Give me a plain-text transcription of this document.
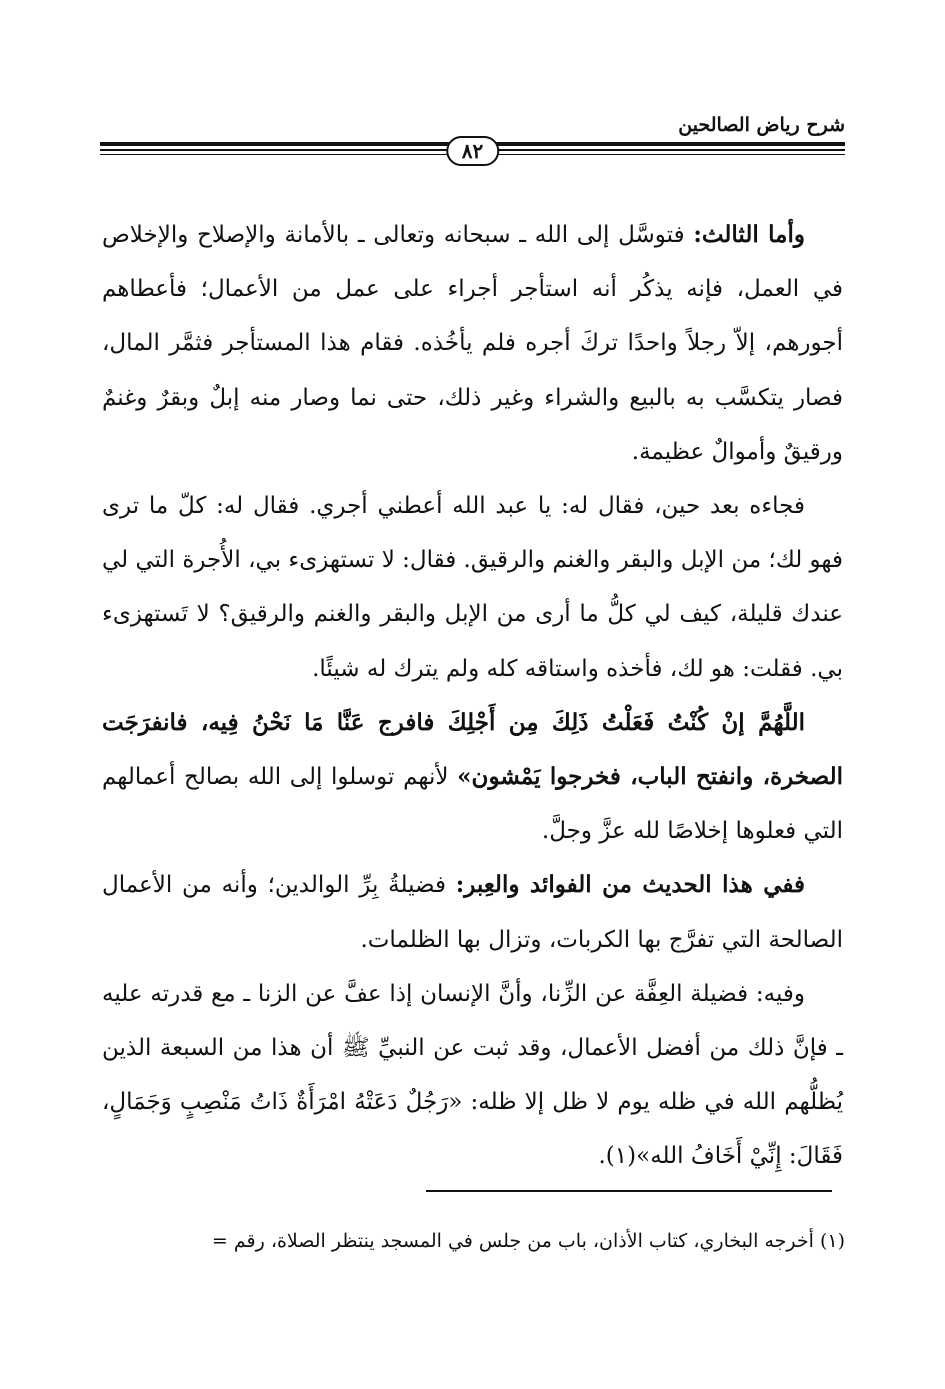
شرح رياض الصالحين
٨٢

وأما الثالث: فتوسَّل إلى الله ـ سبحانه وتعالى ـ بالأمانة والإصلاح والإخلاص في العمل، فإنه يذكُر أنه استأجر أجراء على عمل من الأعمال؛ فأعطاهم أجورهم، إلاّ رجلاً واحدًا تركَ أجره فلم يأخُذه. فقام هذا المستأجر فثمَّر المال، فصار يتكسَّب به بالبيع والشراء وغير ذلك، حتى نما وصار منه إبلٌ وبقرٌ وغنمٌ ورقيقٌ وأموالٌ عظيمة.

فجاءه بعد حين، فقال له: يا عبد الله أعطني أجري. فقال له: كلّ ما ترى فهو لك؛ من الإبل والبقر والغنم والرقيق. فقال: لا تستهزىء بي، الأُجرة التي لي عندك قليلة، كيف لي كلُّ ما أرى من الإبل والبقر والغنم والرقيق؟ لا تَستهزىء بي. فقلت: هو لك، فأخذه واستاقه كله ولم يترك له شيئًا.

اللَّهُمَّ إنْ كُنْتُ فَعَلْتُ ذَلِكَ مِن أَجْلِكَ فافرج عَنَّا مَا نَحْنُ فِيه، فانفرَجَت الصخرة، وانفتح الباب، فخرجوا يَمْشون» لأنهم توسلوا إلى الله بصالح أعمالهم التي فعلوها إخلاصًا لله عزَّ وجلَّ.

ففي هذا الحديث من الفوائد والعِبر: فضيلةُ بِرِّ الوالدين؛ وأنه من الأعمال الصالحة التي تفرَّج بها الكربات، وتزال بها الظلمات.

وفيه: فضيلة العِفَّة عن الزِّنا، وأنَّ الإنسان إذا عفَّ عن الزنا ـ مع قدرته عليه ـ فإنَّ ذلك من أفضل الأعمال، وقد ثبت عن النبيِّ ﷺ أن هذا من السبعة الذين يُظلُّهم الله في ظله يوم لا ظل إلا ظله: «رَجُلٌ دَعَتْهُ امْرَأَةٌ ذَاتُ مَنْصِبٍ وَجَمَالٍ، فَقَالَ: إِنِّيْ أَخَافُ الله»(١).

(١) أخرجه البخاري، كتاب الأذان، باب من جلس في المسجد ينتظر الصلاة، رقم =
